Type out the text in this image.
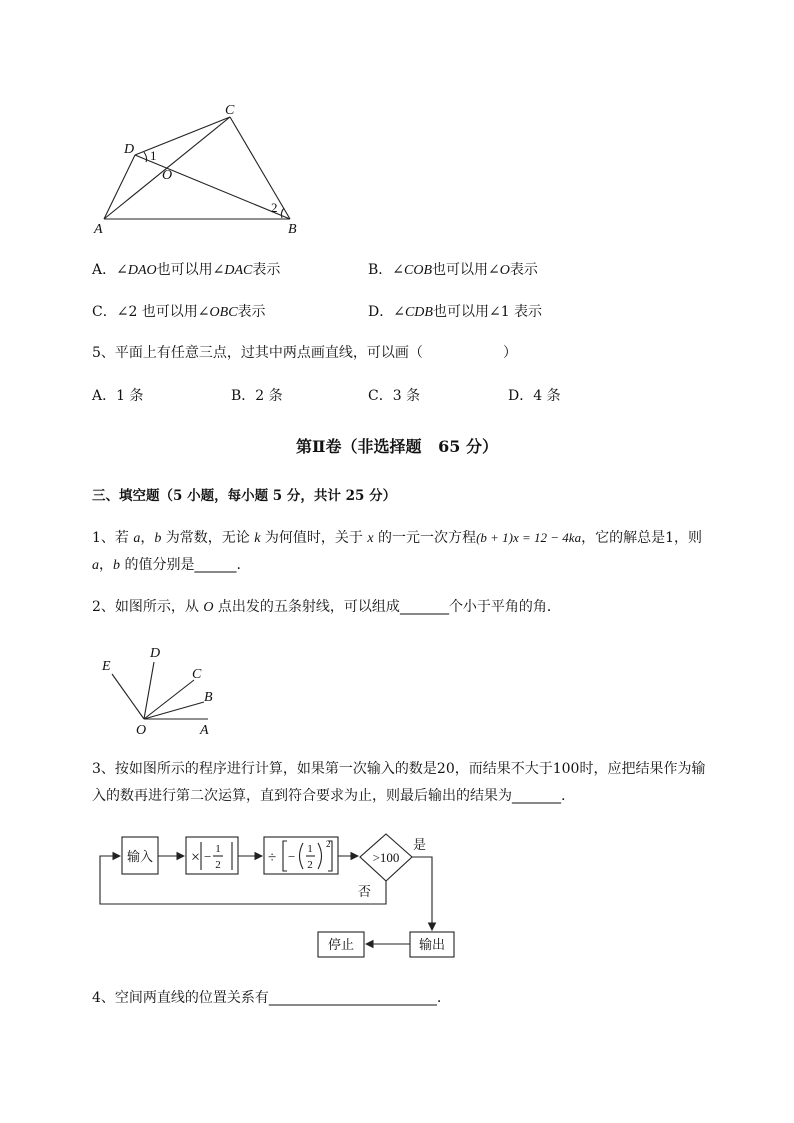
C
D
O
A	B
1
2
A．∠DAO也可以用∠DAC表示	B．∠COB也可以用∠O表示
C．∠2 也可以用∠OBC表示	D．∠CDB也可以用∠1 表示
5、平面上有任意三点，过其中两点画直线，可以画（                  ）
A．1 条	B．2 条	C．3 条	D．4 条
第Ⅱ卷（非选择题   65 分）
三、填空题（5 小题，每小题 5 分，共计 25 分）
1、若 a，b 为常数，无论 k 为何值时，关于 x 的一元一次方程(b + 1)x = 12 − 4ka，它的解总是1，则
a，b 的值分别是______.
2、如图所示，从 O 点出发的五条射线，可以组成_______个小于平角的角．
E
D
C
B
O	A
3、按如图所示的程序进行计算，如果第一次输入的数是20，而结果不大于100时，应把结果作为输
入的数再进行第二次运算，直到符合要求为止，则最后输出的结果为_______.
输入 × − 1
2	÷ − 1
2
2
>100
是
否
输出
停止
4、空间两直线的位置关系有________________________.
